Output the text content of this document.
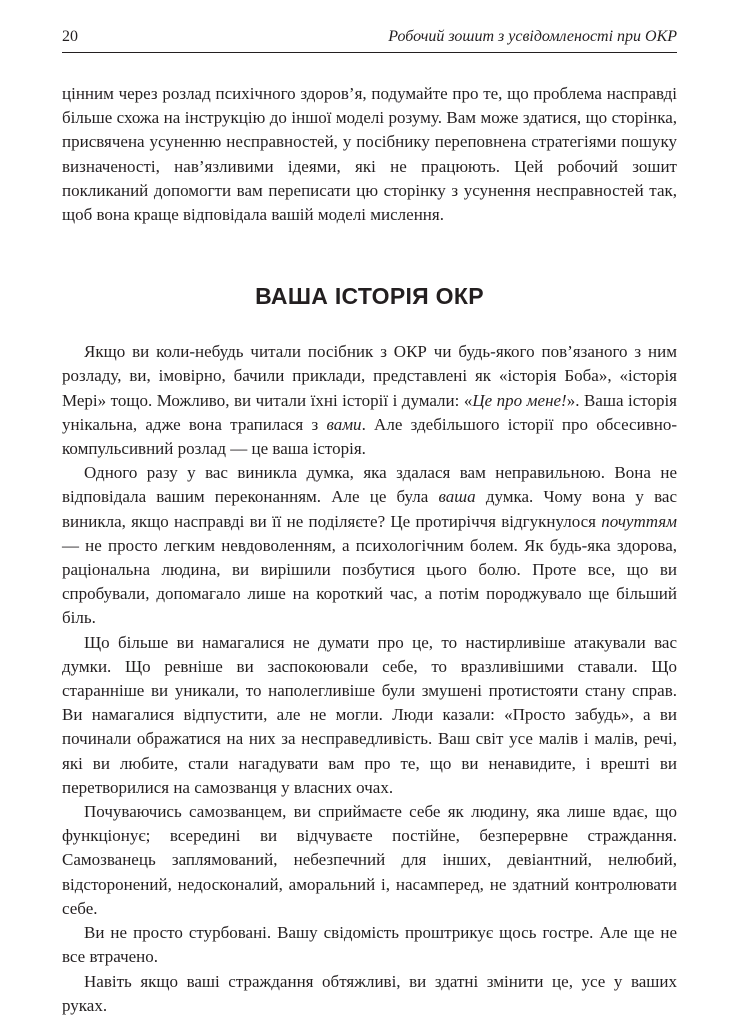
20	Робочий зошит з усвідомленості при ОКР

цінним через розлад психічного здоров’я, подумайте про те, що проблема насправді більше схожа на інструкцію до іншої моделі розуму. Вам може здатися, що сторінка, присвячена усуненню несправностей, у посібнику переповнена стратегіями пошуку визначеності, нав’язливими ідеями, які не працюють. Цей робочий зошит покликаний допомогти вам переписати цю сторінку з усунення несправностей так, щоб вона краще відповідала вашій моделі мислення.

ВАША ІСТОРІЯ ОКР

Якщо ви коли-небудь читали посібник з ОКР чи будь-якого пов’язаного з ним розладу, ви, імовірно, бачили приклади, представлені як «історія Боба», «історія Мері» тощо. Можливо, ви читали їхні історії і думали: «Це про мене!». Ваша історія унікальна, адже вона трапилася з вами. Але здебільшого історії про обсесивно-компульсивний розлад — це ваша історія.

Одного разу у вас виникла думка, яка здалася вам неправильною. Вона не відповідала вашим переконанням. Але це була ваша думка. Чому вона у вас виникла, якщо насправді ви її не поділяєте? Це протиріччя відгукнулося почуттям — не просто легким невдоволенням, а психологічним болем. Як будь-яка здорова, раціональна людина, ви вирішили позбутися цього болю. Проте все, що ви спробували, допомагало лише на короткий час, а потім породжувало ще більший біль.

Що більше ви намагалися не думати про це, то настирливіше атакували вас думки. Що ревніше ви заспокоювали себе, то вразливішими ставали. Що старанніше ви уникали, то наполегливіше були змушені протистояти стану справ. Ви намагалися відпустити, але не могли. Люди казали: «Просто забудь», а ви починали ображатися на них за несправедливість. Ваш світ усе малів і малів, речі, які ви любите, стали нагадувати вам про те, що ви ненавидите, і врешті ви перетворилися на самозванця у власних очах.

Почуваючись самозванцем, ви сприймаєте себе як людину, яка лише вдає, що функціонує; всередині ви відчуваєте постійне, безперервне страждання. Самозванець заплямований, небезпечний для інших, девіантний, нелюбий, відсторонений, недосконалий, аморальний і, насамперед, не здатний контролювати себе.

Ви не просто стурбовані. Вашу свідомість проштрикує щось гостре. Але ще не все втрачено.

Навіть якщо ваші страждання обтяжливі, ви здатні змінити це, усе у ваших руках.
